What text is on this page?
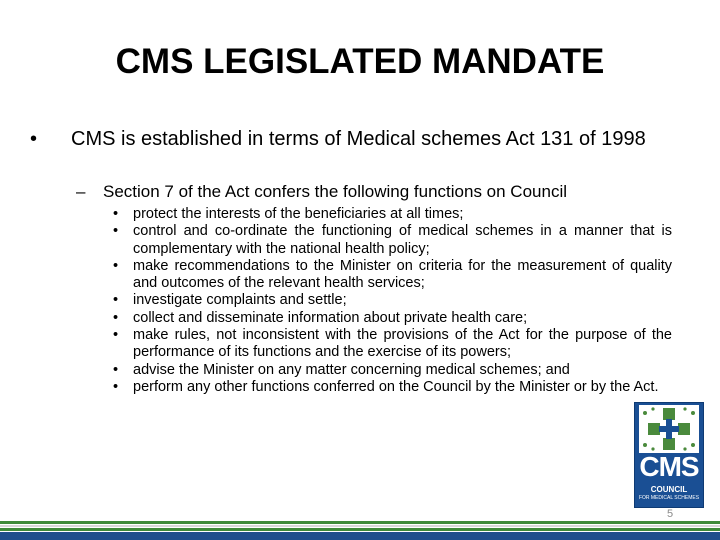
CMS LEGISLATED MANDATE
• CMS is established in terms of Medical schemes Act 131 of 1998
– Section 7 of the Act confers the following functions on Council
• protect the interests of the beneficiaries at all times;
• control and co-ordinate the functioning of medical schemes in a manner that is complementary with the national health policy;
• make recommendations to the Minister on criteria for the measurement of quality and outcomes of the relevant health services;
• investigate complaints and settle;
• collect and disseminate information about private health care;
• make rules, not inconsistent with the provisions of the Act for the purpose of the performance of its functions and the exercise of its powers;
• advise the Minister on any matter concerning medical schemes; and
• perform any other functions conferred on the Council by the Minister or by the Act.
CMS
COUNCIL
FOR MEDICAL SCHEMES
5
